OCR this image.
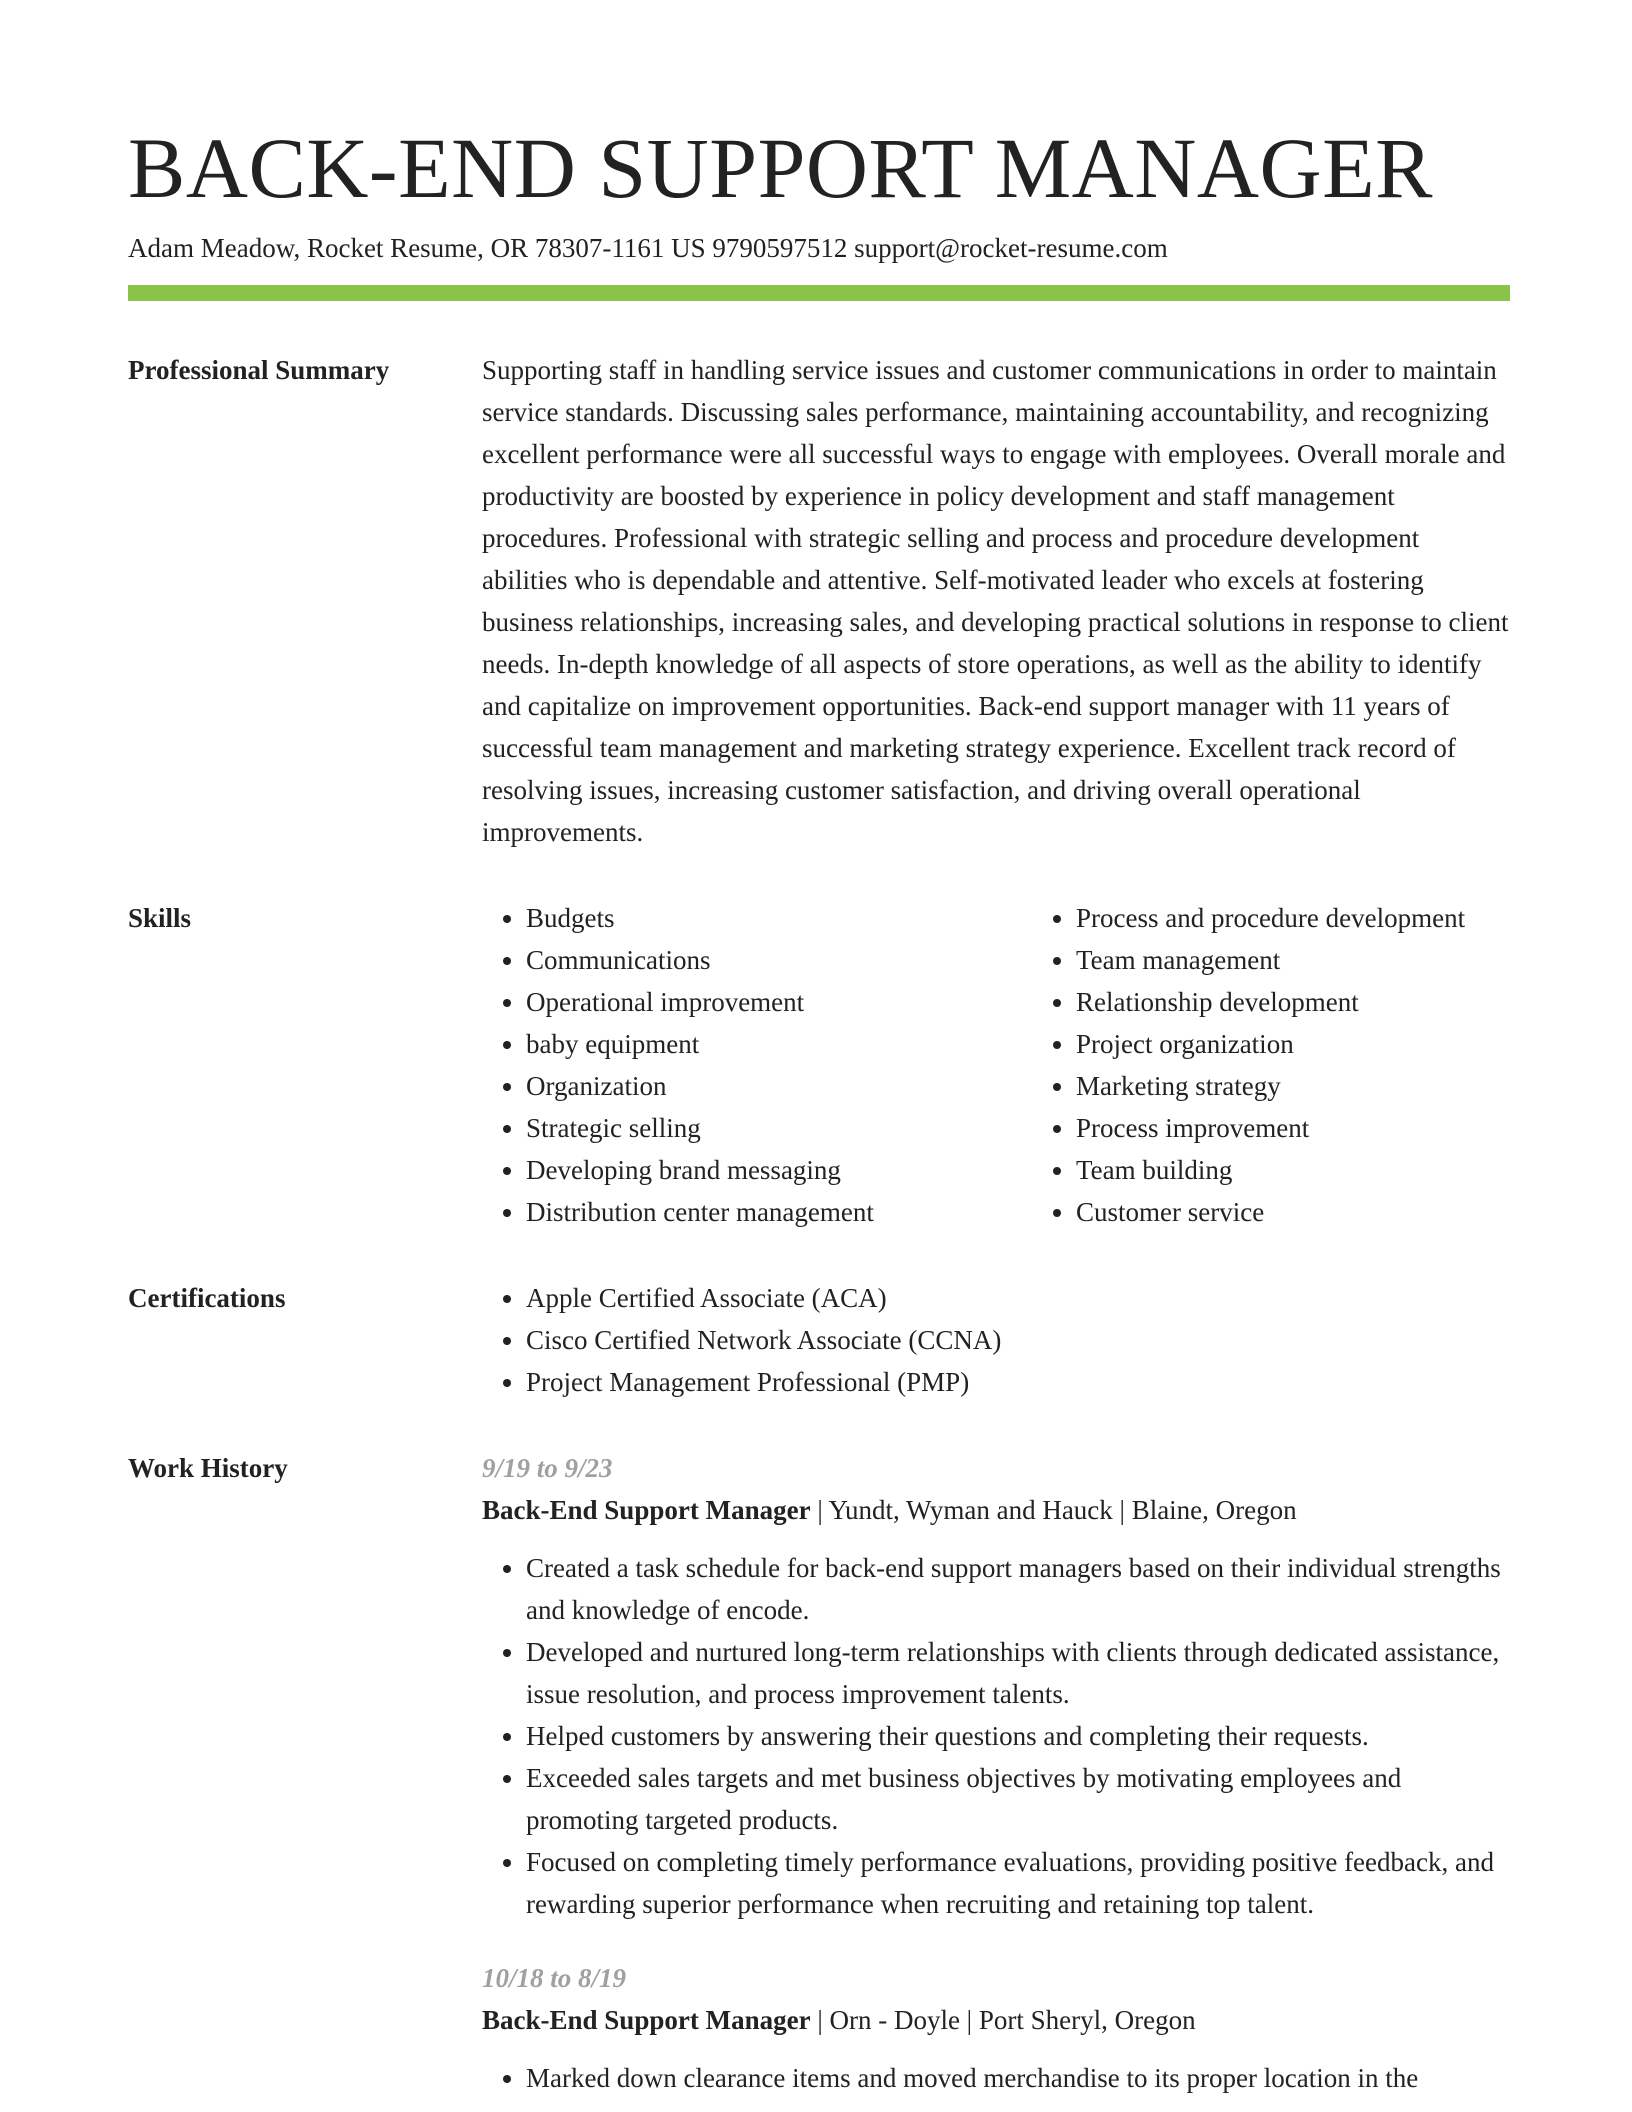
BACK-END SUPPORT MANAGER
Adam Meadow, Rocket Resume, OR 78307-1161 US 9790597512 support@rocket-resume.com
Professional Summary	Supporting staff in handling service issues and customer communications in order to maintain service standards. Discussing sales performance, maintaining accountability, and recognizing excellent performance were all successful ways to engage with employees. Overall morale and productivity are boosted by experience in policy development and staff management procedures. Professional with strategic selling and process and procedure development abilities who is dependable and attentive. Self-motivated leader who excels at fostering business relationships, increasing sales, and developing practical solutions in response to client needs. In-depth knowledge of all aspects of store operations, as well as the ability to identify and capitalize on improvement opportunities. Back-end support manager with 11 years of successful team management and marketing strategy experience. Excellent track record of resolving issues, increasing customer satisfaction, and driving overall operational improvements.

Skills	• Budgets
• Communications
• Operational improvement
• baby equipment
• Organization
• Strategic selling
• Developing brand messaging
• Distribution center management
• Process and procedure development
• Team management
• Relationship development
• Project organization
• Marketing strategy
• Process improvement
• Team building
• Customer service
Certifications	• Apple Certified Associate (ACA)
• Cisco Certified Network Associate (CCNA)
• Project Management Professional (PMP)
Work History	9/19 to 9/23
Back-End Support Manager | Yundt, Wyman and Hauck | Blaine, Oregon
• Created a task schedule for back-end support managers based on their individual strengths and knowledge of encode.
• Developed and nurtured long-term relationships with clients through dedicated assistance, issue resolution, and process improvement talents.
• Helped customers by answering their questions and completing their requests.
• Exceeded sales targets and met business objectives by motivating employees and promoting targeted products.
• Focused on completing timely performance evaluations, providing positive feedback, and rewarding superior performance when recruiting and retaining top talent.
10/18 to 8/19
Back-End Support Manager | Orn - Doyle | Port Sheryl, Oregon
• Marked down clearance items and moved merchandise to its proper location in the
